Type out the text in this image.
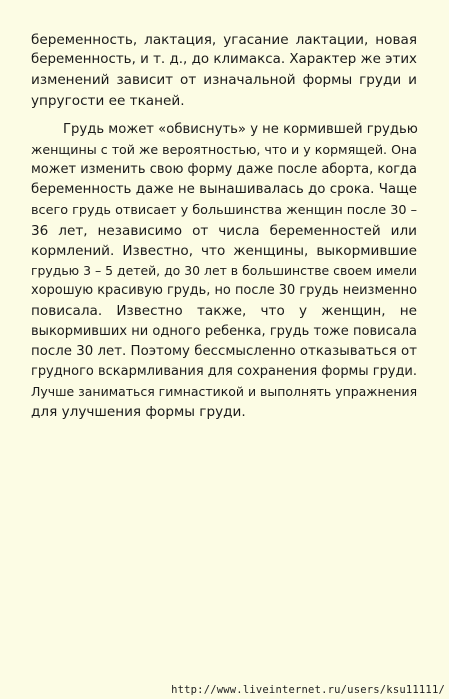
беременность, лактация, угасание лактации, новая
беременность, и т. д., до климакса. Характер же этих
изменений зависит от изначальной формы груди и
упругости ее тканей.
Грудь может «обвиснуть» у не кормившей грудью
женщины с той же вероятностью, что и у кормящей. Она
может изменить свою форму даже после аборта, когда
беременность даже не вынашивалась до срока. Чаще
всего грудь отвисает у большинства женщин после 30 –
36 лет, независимо от числа беременностей или
кормлений. Известно, что женщины, выкормившие
грудью 3 – 5 детей, до 30 лет в большинстве своем имели
хорошую красивую грудь, но после 30 грудь неизменно
повисала. Известно также, что у женщин, не
выкормивших ни одного ребенка, грудь тоже повисала
после 30 лет. Поэтому бессмысленно отказываться от
грудного вскармливания для сохранения формы груди.
Лучше заниматься гимнастикой и выполнять упражнения
для улучшения формы груди.
http://www.liveinternet.ru/users/ksu11111/
